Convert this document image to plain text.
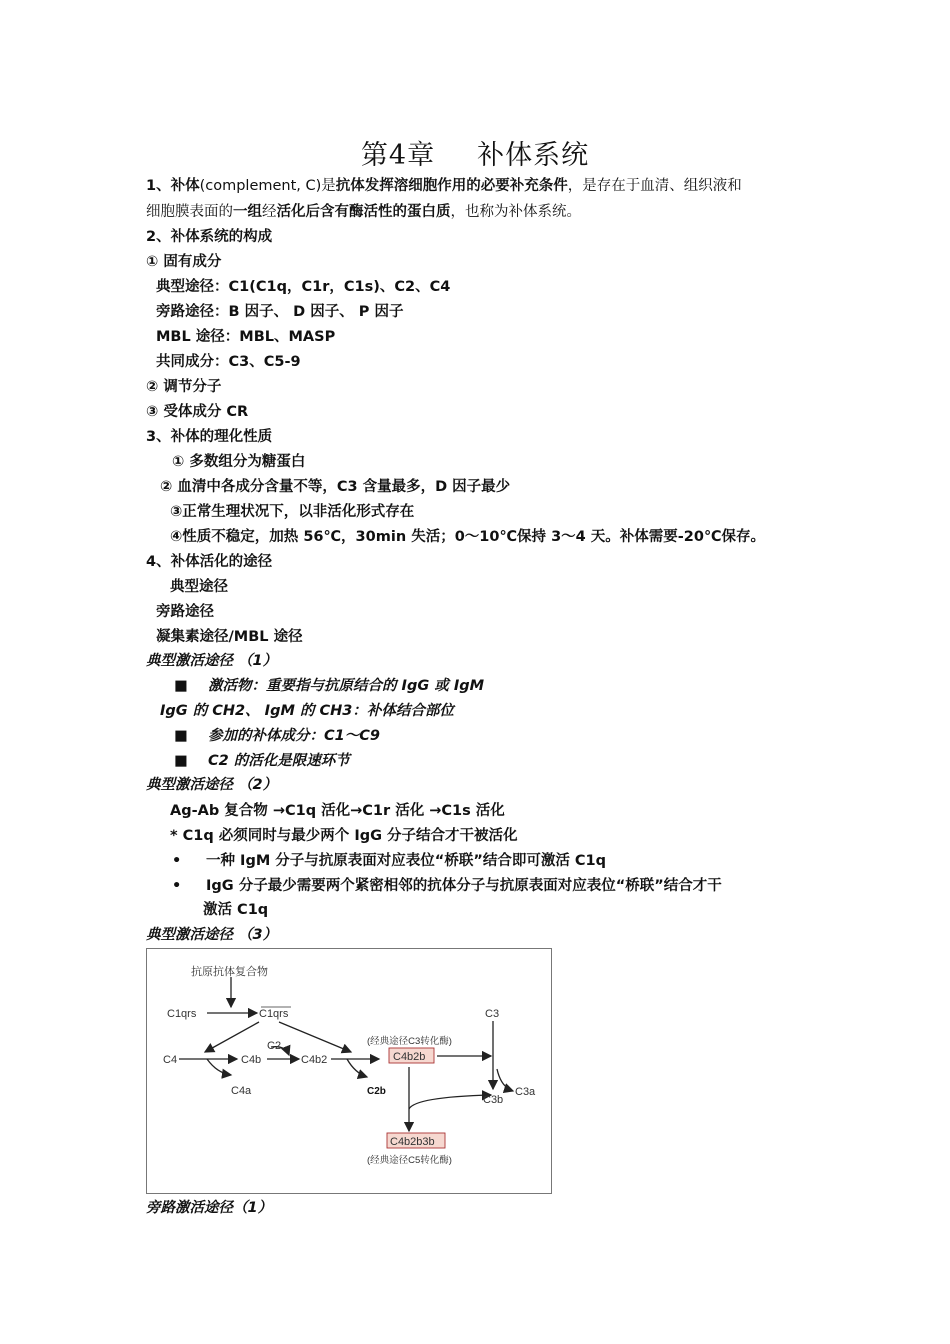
第4章 补体系统
1、补体(complement, C)是抗体发挥溶细胞作用的必要补充条件，是存在于血清、组织液和
细胞膜表面的一组经活化后含有酶活性的蛋白质，也称为补体系统。
2、补体系统的构成
① 固有成分
典型途径：C1(C1q，C1r，C1s)、C2、C4
旁路途径：B 因子、 D 因子、 P 因子
MBL 途径：MBL、MASP
共同成分：C3、C5-9
② 调节分子
③ 受体成分 CR
3、补体的理化性质
① 多数组分为糖蛋白
② 血清中各成分含量不等，C3 含量最多，D 因子最少
③正常生理状况下，以非活化形式存在
④性质不稳定，加热 56℃，30min 失活；0～10℃保持 3～4 天。补体需要-20℃保存。
4、补体活化的途径
典型途径
旁路途径
凝集素途径/MBL 途径
典型激活途径 （1）
■ 激活物：重要指与抗原结合的 IgG 或 IgM
IgG 的 CH2、 IgM 的 CH3：补体结合部位
■ 参加的补体成分：C1～C9
■ C2 的活化是限速环节
典型激活途径 （2）
Ag-Ab 复合物 →C1q 活化→C1r 活化 →C1s 活化
* C1q 必须同时与最少两个 IgG 分子结合才干被活化
• 一种 IgM 分子与抗原表面对应表位“桥联”结合即可激活 C1q
• IgG 分子最少需要两个紧密相邻的抗体分子与抗原表面对应表位“桥联”结合才干
激活 C1q
典型激活途径 （3）
抗原抗体复合物
C1qrs	C1qrs
C2
C4	C4b	C4b2
C4a	C2b
(经典途径C3转化酶)
C4b2b
C3
C3b
C3a
C4b2b3b
(经典途径C5转化酶)
旁路激活途径（1）
